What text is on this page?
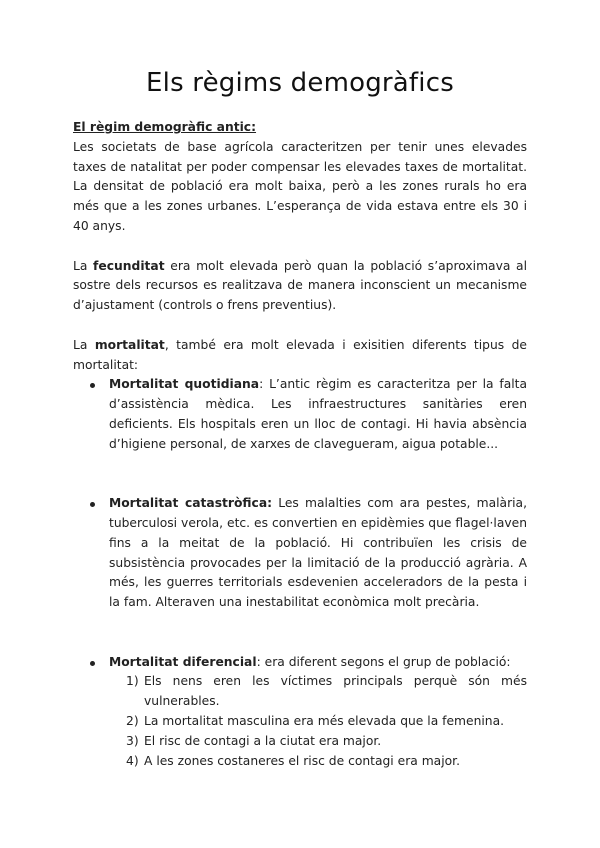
Els règims demogràfics
El règim demogràfic antic:

Les societats de base agrícola caracteritzen per tenir unes elevades taxes de natalitat per poder compensar les elevades taxes de mortalitat. La densitat de població era molt baixa, però a les zones rurals ho era més que a les zones urbanes. L’esperança de vida estava entre els 30 i 40 anys.

La fecunditat era molt elevada però quan la població s’aproximava al sostre dels recursos es realitzava de manera inconscient un mecanisme d’ajustament (controls o frens preventius).

La mortalitat, també era molt elevada i exisitien diferents tipus de mortalitat:

Mortalitat quotidiana: L’antic règim es caracteritza per la falta d’assistència mèdica. Les infraestructures sanitàries eren deficients. Els hospitals eren un lloc de contagi. Hi havia absència d’higiene personal, de xarxes de clavegueram, aigua potable...
Mortalitat catastròfica: Les malalties com ara pestes, malària, tuberculosi verola, etc. es convertien en epidèmies que flagel·laven fins a la meitat de la població. Hi contribuïen les crisis de subsistència provocades per la limitació de la producció agrària. A més, les guerres territorials esdevenien acceleradors de la pesta i la fam. Alteraven una inestabilitat econòmica molt precària.
Mortalitat diferencial: era diferent segons el grup de població:
1) Els nens eren les víctimes principals perquè són més vulnerables.
2) La mortalitat masculina era més elevada que la femenina.
3) El risc de contagi a la ciutat era major.
4) A les zones costaneres el risc de contagi era major.
